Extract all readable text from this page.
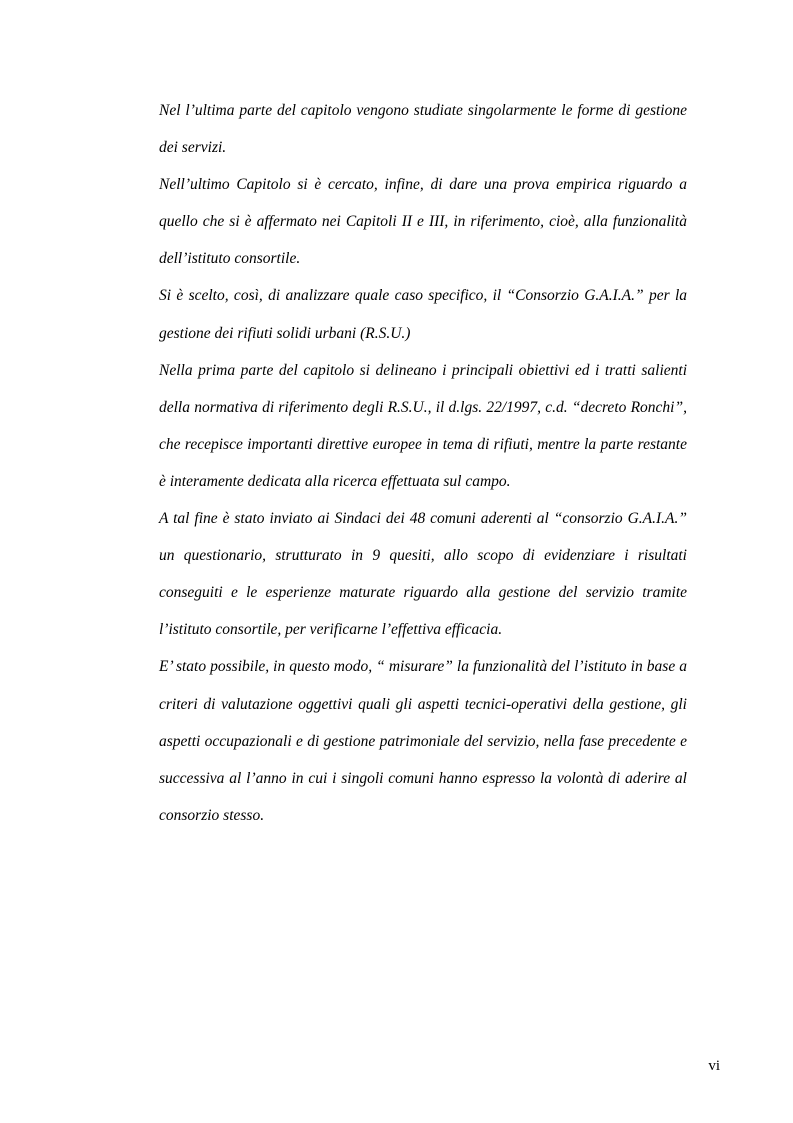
Nel l’ultima parte del capitolo vengono studiate singolarmente le forme di gestione dei servizi.

Nell’ultimo Capitolo si è cercato, infine, di dare una prova empirica riguardo a quello che si è affermato nei Capitoli II e III, in riferimento, cioè, alla funzionalità dell’istituto consortile.

Si è scelto, così, di analizzare quale caso specifico, il “Consorzio G.A.I.A.” per la gestione dei rifiuti solidi urbani (R.S.U.)

Nella prima parte del capitolo si delineano i principali obiettivi ed i tratti salienti della normativa di riferimento degli R.S.U., il d.lgs. 22/1997, c.d. “decreto Ronchi”, che recepisce importanti direttive europee in tema di rifiuti, mentre la parte restante è interamente dedicata alla ricerca effettuata sul campo.

A tal fine è stato inviato ai Sindaci dei 48 comuni aderenti al “consorzio G.A.I.A.” un questionario, strutturato in 9 quesiti, allo scopo di evidenziare i risultati conseguiti e le esperienze maturate riguardo alla gestione del servizio tramite l’istituto consortile, per verificarne l’effettiva efficacia.

E’ stato possibile, in questo modo, “ misurare” la funzionalità del l’istituto in base a criteri di valutazione oggettivi quali gli aspetti tecnici-operativi della gestione, gli aspetti occupazionali e di gestione patrimoniale del servizio, nella fase precedente e successiva al l’anno in cui i singoli comuni hanno espresso la volontà di aderire al consorzio stesso.

vi
